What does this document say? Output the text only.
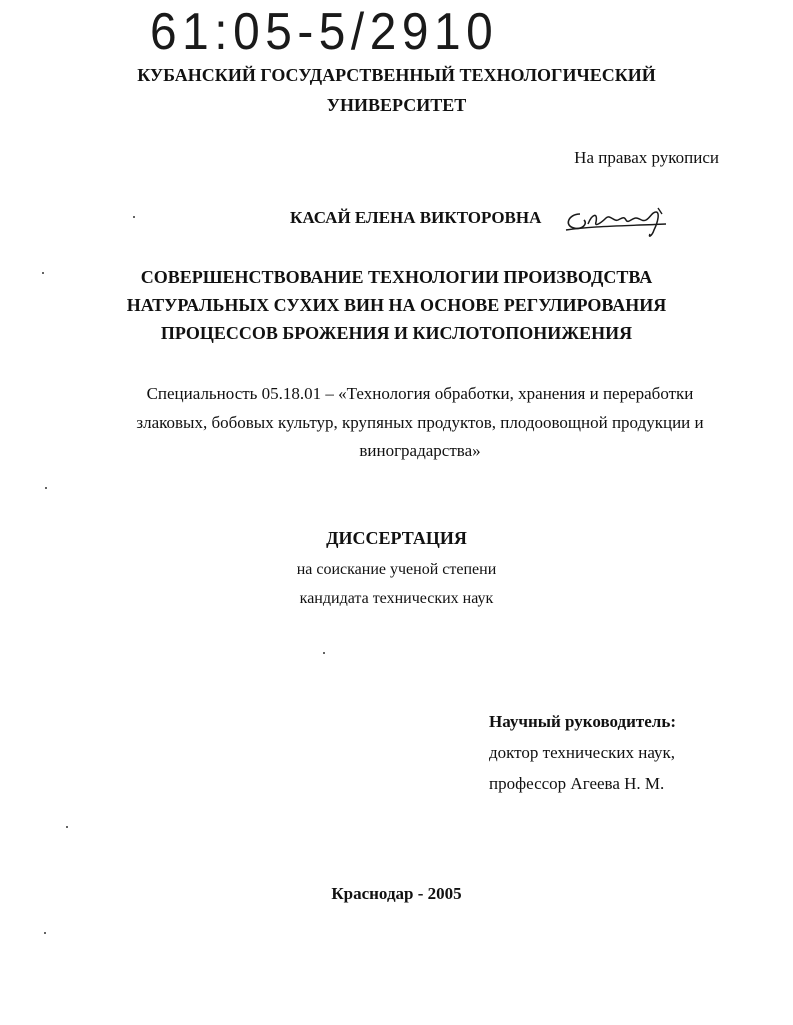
61:05-5/2910
КУБАНСКИЙ ГОСУДАРСТВЕННЫЙ ТЕХНОЛОГИЧЕСКИЙ
УНИВЕРСИТЕТ
На правах рукописи
КАСАЙ ЕЛЕНА ВИКТОРОВНА
СОВЕРШЕНСТВОВАНИЕ ТЕХНОЛОГИИ ПРОИЗВОДСТВА
НАТУРАЛЬНЫХ СУХИХ ВИН НА ОСНОВЕ РЕГУЛИРОВАНИЯ
ПРОЦЕССОВ БРОЖЕНИЯ И КИСЛОТОПОНИЖЕНИЯ
Специальность 05.18.01 – «Технология обработки, хранения и переработки
злаковых, бобовых культур, крупяных продуктов, плодоовощной продукции и
виноградарства»
ДИССЕРТАЦИЯ
на соискание ученой степени
кандидата технических наук
Научный руководитель:
доктор технических наук,
профессор Агеева Н. М.
Краснодар - 2005
